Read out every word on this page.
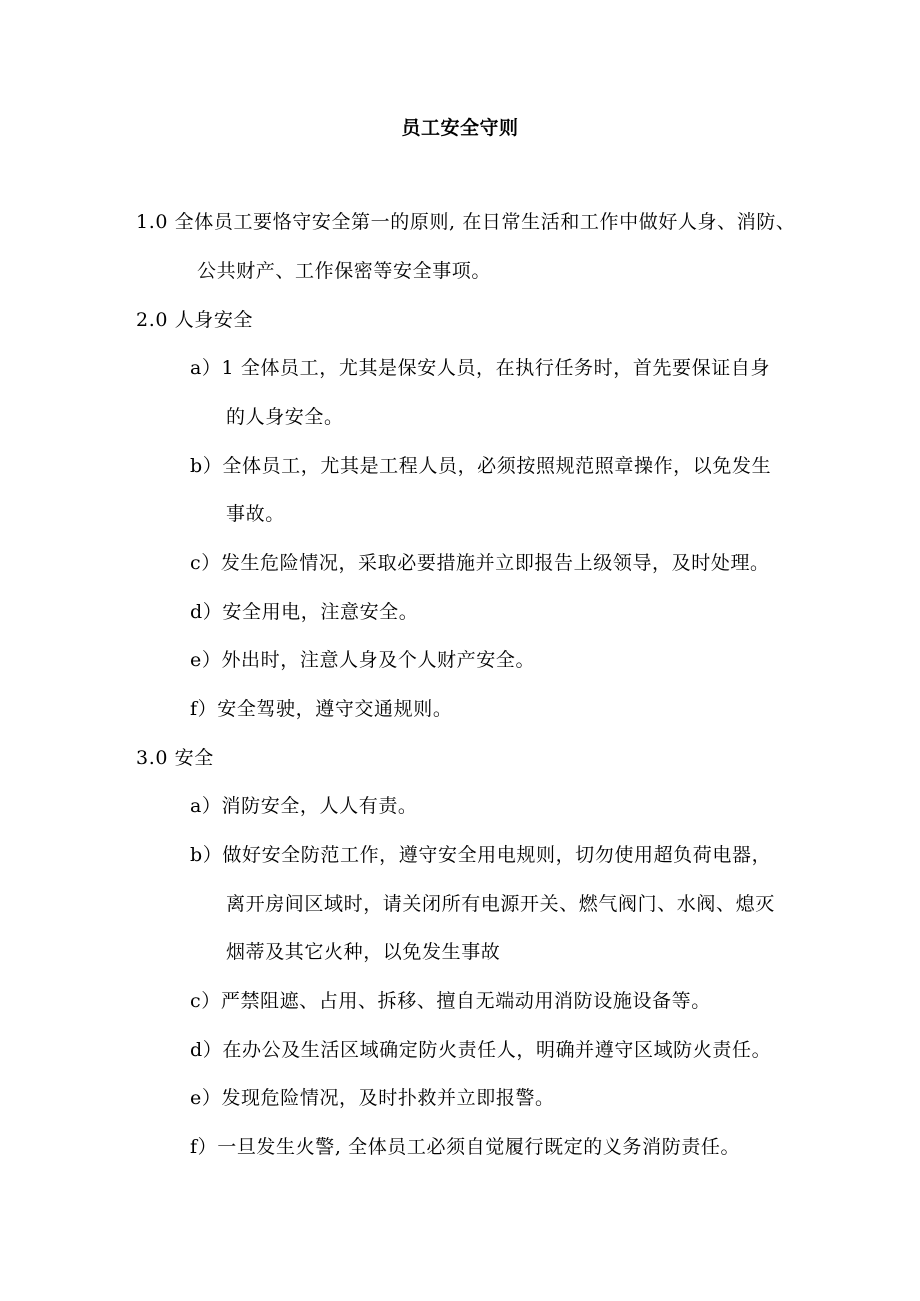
员工安全守则
1.0 全体员工要恪守安全第一的原则, 在日常生活和工作中做好人身、消防、
公共财产、工作保密等安全事项。
2.0 人身安全
a）1 全体员工，尤其是保安人员，在执行任务时，首先要保证自身
的人身安全。
b）全体员工，尤其是工程人员，必须按照规范照章操作，以免发生
事故。
c）发生危险情况，采取必要措施并立即报告上级领导，及时处理。
d）安全用电，注意安全。
e）外出时，注意人身及个人财产安全。
f）安全驾驶，遵守交通规则。
3.0 安全
a）消防安全，人人有责。
b）做好安全防范工作，遵守安全用电规则，切勿使用超负荷电器，
离开房间区域时，请关闭所有电源开关、燃气阀门、水阀、熄灭
烟蒂及其它火种，以免发生事故
c）严禁阻遮、占用、拆移、擅自无端动用消防设施设备等。
d）在办公及生活区域确定防火责任人，明确并遵守区域防火责任。
e）发现危险情况，及时扑救并立即报警。
f）一旦发生火警, 全体员工必须自觉履行既定的义务消防责任。
